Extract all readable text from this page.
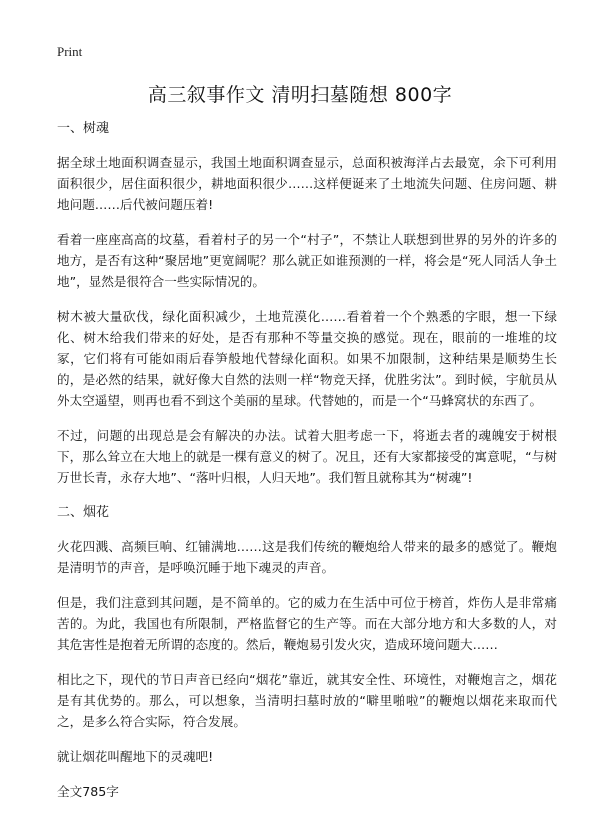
Print
高三叙事作文 清明扫墓随想 800字
一、树魂

据全球土地面积调查显示，我国土地面积调查显示，总面积被海洋占去最宽，余下可利用面积很少，居住面积很少，耕地面积很少……这样便诞来了土地流失问题、住房问题、耕地问题……后代被问题压着!

看着一座座高高的坟墓，看着村子的另一个“村子”，不禁让人联想到世界的另外的许多的地方，是否有这种“聚居地”更宽阔呢？那么就正如谁预测的一样，将会是“死人同活人争土地”，显然是很符合一些实际情况的。

树木被大量砍伐，绿化面积减少，土地荒漠化……看着着一个个熟悉的字眼，想一下绿化、树木给我们带来的好处，是否有那种不等量交换的感觉。现在，眼前的一堆堆的坟冢，它们将有可能如雨后春笋般地代替绿化面积。如果不加限制，这种结果是顺势生长的，是必然的结果，就好像大自然的法则一样“物竞天择，优胜劣汰”。到时候，宇航员从外太空遥望，则再也看不到这个美丽的星球。代替她的，而是一个“马蜂窝状的东西了。

不过，问题的出现总是会有解决的办法。试着大胆考虑一下，将逝去者的魂魄安于树根下，那么耸立在大地上的就是一棵有意义的树了。况且，还有大家都接受的寓意呢，“与树万世长青，永存大地”、“落叶归根，人归天地”。我们暂且就称其为“树魂”!

二、烟花

火花四溅、高频巨响、红铺满地……这是我们传统的鞭炮给人带来的最多的感觉了。鞭炮是清明节的声音，是呼唤沉睡于地下魂灵的声音。

但是，我们注意到其问题，是不简单的。它的威力在生活中可位于榜首，炸伤人是非常痛苦的。为此，我国也有所限制，严格监督它的生产等。而在大部分地方和大多数的人，对其危害性是抱着无所谓的态度的。然后，鞭炮易引发火灾，造成环境问题大……

相比之下，现代的节日声音已经向“烟花”靠近，就其安全性、环境性，对鞭炮言之，烟花是有其优势的。那么，可以想象，当清明扫墓时放的“噼里啪啦”的鞭炮以烟花来取而代之，是多么符合实际，符合发展。

就让烟花叫醒地下的灵魂吧!

全文785字
